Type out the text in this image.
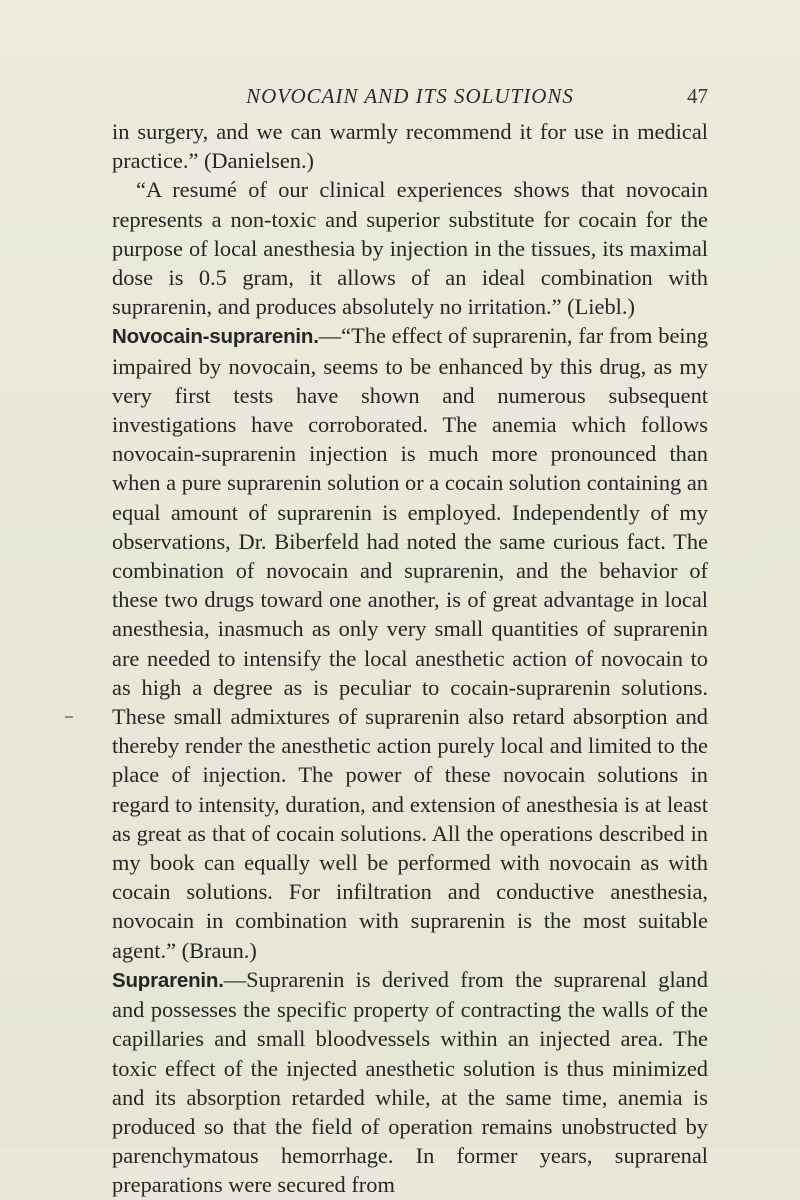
NOVOCAIN AND ITS SOLUTIONS	47

in surgery, and we can warmly recommend it for use in medical practice.” (Danielsen.)

“A resumé of our clinical experiences shows that novocain represents a non-toxic and superior substitute for cocain for the purpose of local anesthesia by injection in the tissues, its maximal dose is 0.5 gram, it allows of an ideal combination with suprarenin, and produces absolutely no irritation.” (Liebl.)

Novocain-suprarenin.—“The effect of suprarenin, far from being impaired by novocain, seems to be enhanced by this drug, as my very first tests have shown and numerous subsequent investigations have corroborated. The anemia which follows novocain-suprarenin injection is much more pronounced than when a pure suprarenin solution or a cocain solution containing an equal amount of suprarenin is employed. Independently of my observations, Dr. Biberfeld had noted the same curious fact. The combination of novocain and suprarenin, and the behavior of these two drugs toward one another, is of great advantage in local anesthesia, inasmuch as only very small quantities of suprarenin are needed to intensify the local anesthetic action of novocain to as high a degree as is peculiar to cocain-suprarenin solutions. These small admixtures of suprarenin also retard absorption and thereby render the anesthetic action purely local and limited to the place of injection. The power of these novocain solutions in regard to intensity, duration, and extension of anesthesia is at least as great as that of cocain solutions. All the operations described in my book can equally well be performed with novocain as with cocain solutions. For infiltration and conductive anesthesia, novocain in combination with suprarenin is the most suitable agent.” (Braun.)

Suprarenin.—Suprarenin is derived from the suprarenal gland and possesses the specific property of contracting the walls of the capillaries and small bloodvessels within an injected area. The toxic effect of the injected anesthetic solution is thus minimized and its absorption retarded while, at the same time, anemia is produced so that the field of operation remains unobstructed by parenchymatous hemorrhage. In former years, suprarenal preparations were secured from
